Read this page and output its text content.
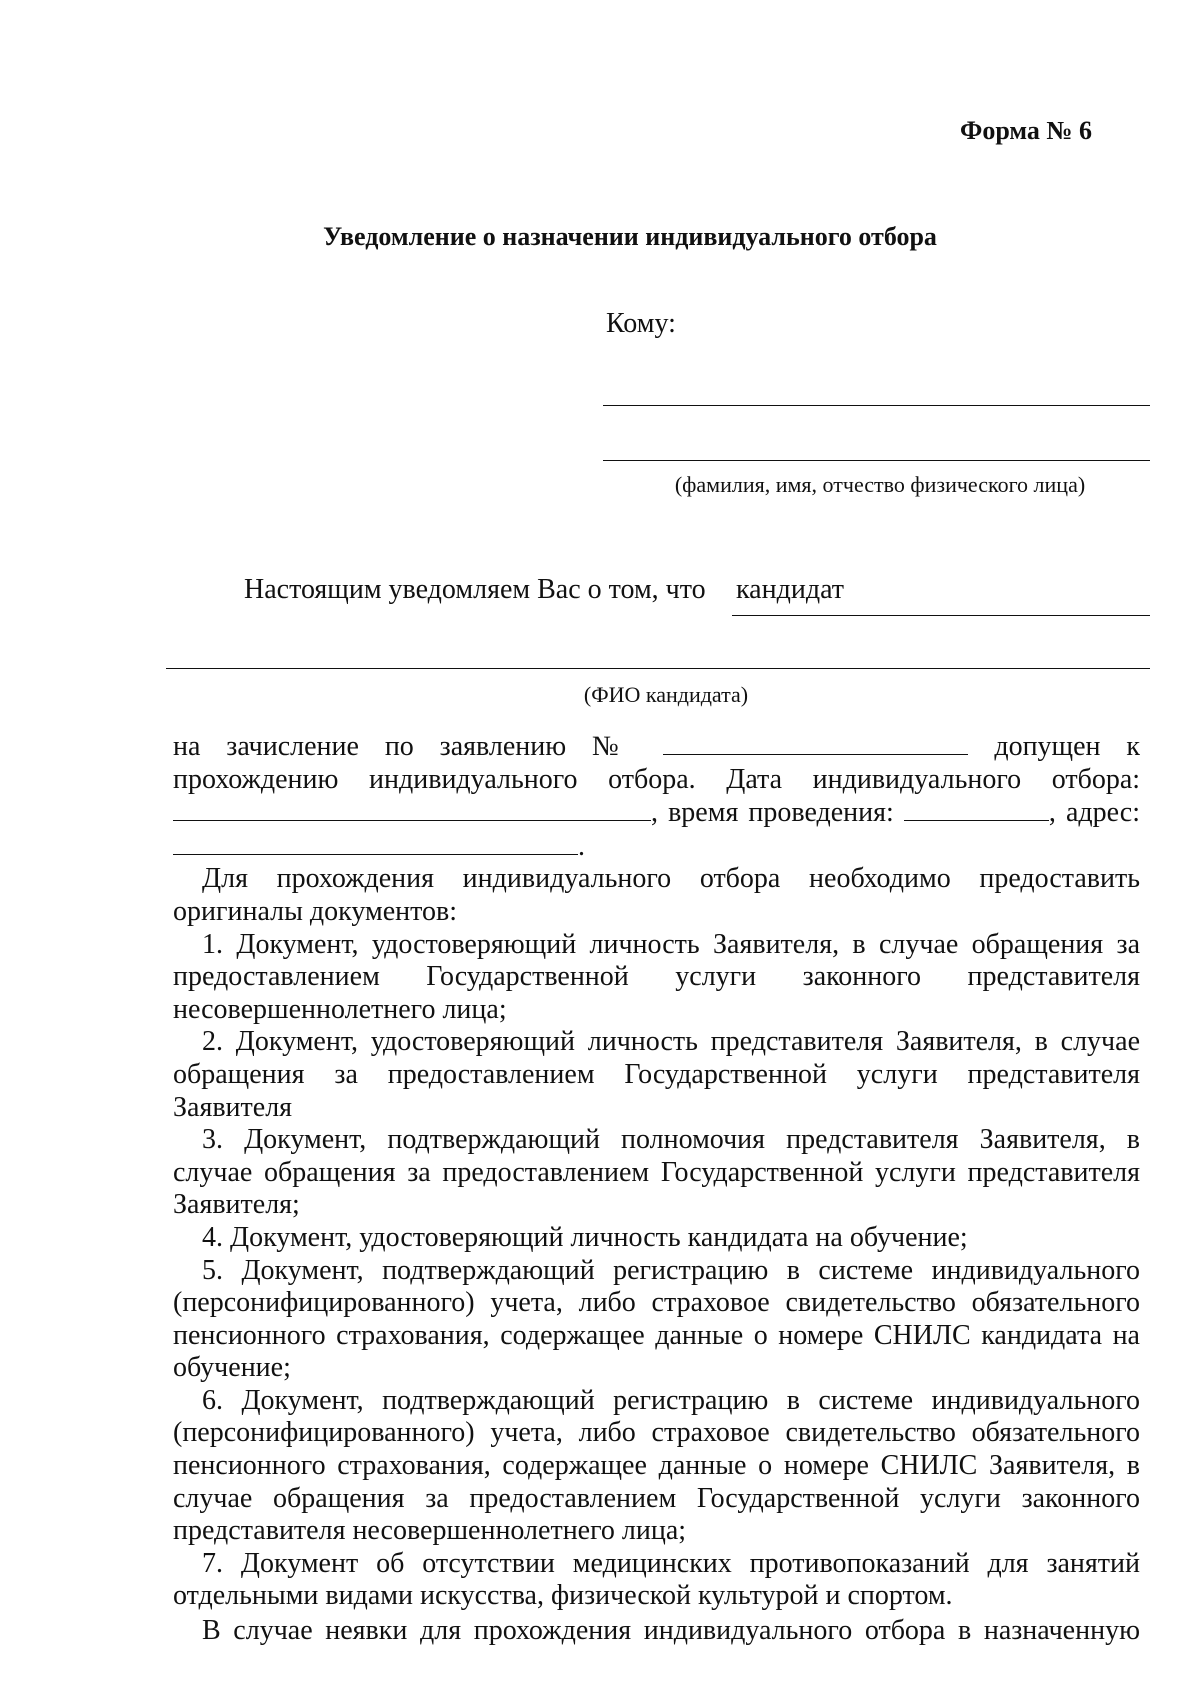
Форма № 6
Уведомление о назначении индивидуального отбора
Кому:
(фамилия, имя, отчество физического лица)
Настоящим уведомляем Вас о том, что кандидат
(ФИО кандидата)
на зачисление по заявлению №	допущен к
прохождению индивидуального отбора. Дата индивидуального отбора:
, время проведения:	, адрес:
.

Для прохождения индивидуального отбора необходимо предоставить оригиналы документов:

1. Документ, удостоверяющий личность Заявителя, в случае обращения за предоставлением Государственной услуги законного представителя несовершеннолетнего лица;

2. Документ, удостоверяющий личность представителя Заявителя, в случае обращения за предоставлением Государственной услуги представителя Заявителя

3. Документ, подтверждающий полномочия представителя Заявителя, в случае обращения за предоставлением Государственной услуги представителя Заявителя;

4. Документ, удостоверяющий личность кандидата на обучение;

5. Документ, подтверждающий регистрацию в системе индивидуального (персонифицированного) учета, либо страховое свидетельство обязательного пенсионного страхования, содержащее данные о номере СНИЛС кандидата на обучение;

6. Документ, подтверждающий регистрацию в системе индивидуального (персонифицированного) учета, либо страховое свидетельство обязательного пенсионного страхования, содержащее данные о номере СНИЛС Заявителя, в случае обращения за предоставлением Государственной услуги законного представителя несовершеннолетнего лица;

7. Документ об отсутствии медицинских противопоказаний для занятий отдельными видами искусства, физической культурой и спортом.

В случае неявки для прохождения индивидуального отбора в назначенную
